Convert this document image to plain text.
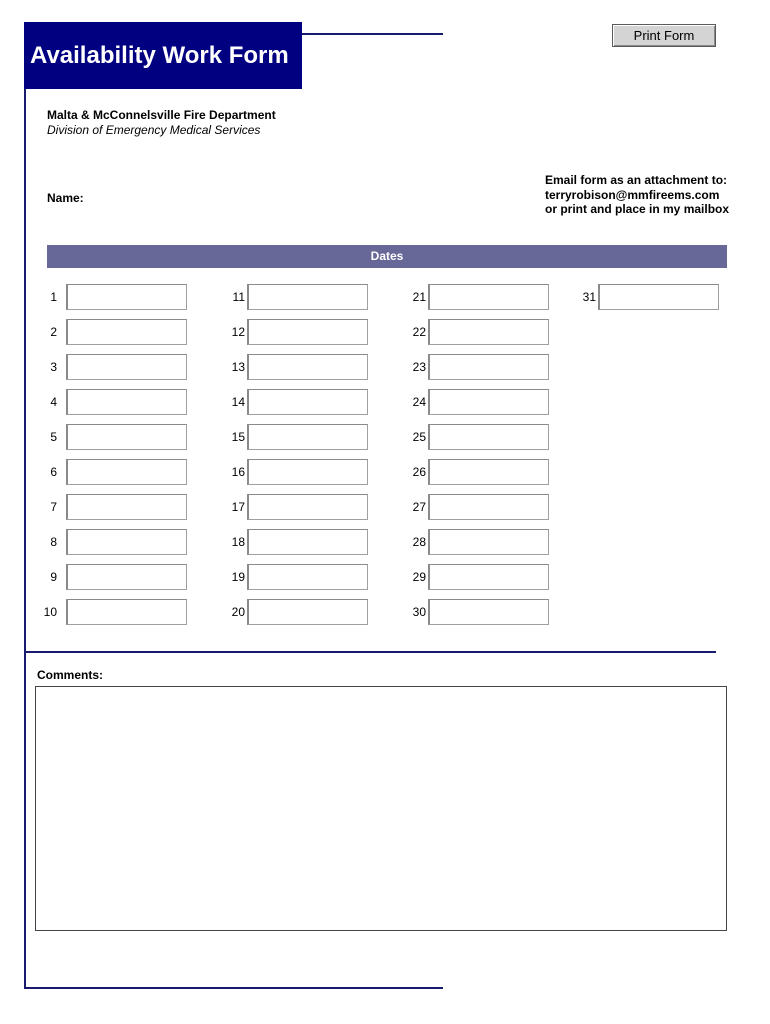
Availability Work Form
Print Form
Malta & McConnelsville Fire Department
Division of Emergency Medical Services
Name:
Email form as an attachment to:
terryrobison@mmfireems.com
or print and place in my mailbox
Dates
1
2
3
4
5
6
7
8
9
10
11
12
13
14
15
16
17
18
19
20
21
22
23
24
25
26
27
28
29
30
31
Comments:
